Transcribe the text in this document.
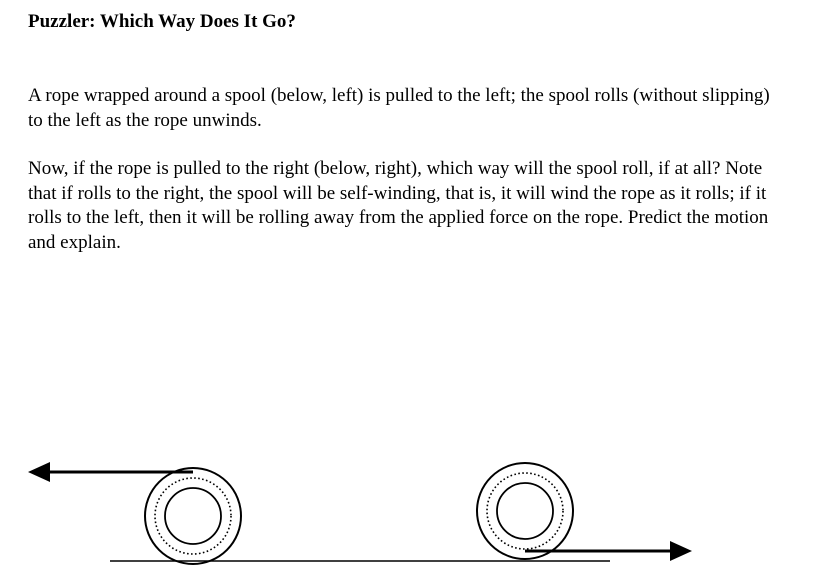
Puzzler: Which Way Does It Go?

A rope wrapped around a spool (below, left) is pulled to the left; the spool rolls (without slipping) to the left as the rope unwinds.

Now, if the rope is pulled to the right (below, right), which way will the spool roll, if at all? Note that if rolls to the right, the spool will be self-winding, that is, it will wind the rope as it rolls; if it rolls to the left, then it will be rolling away from the applied force on the rope. Predict the motion and explain.
